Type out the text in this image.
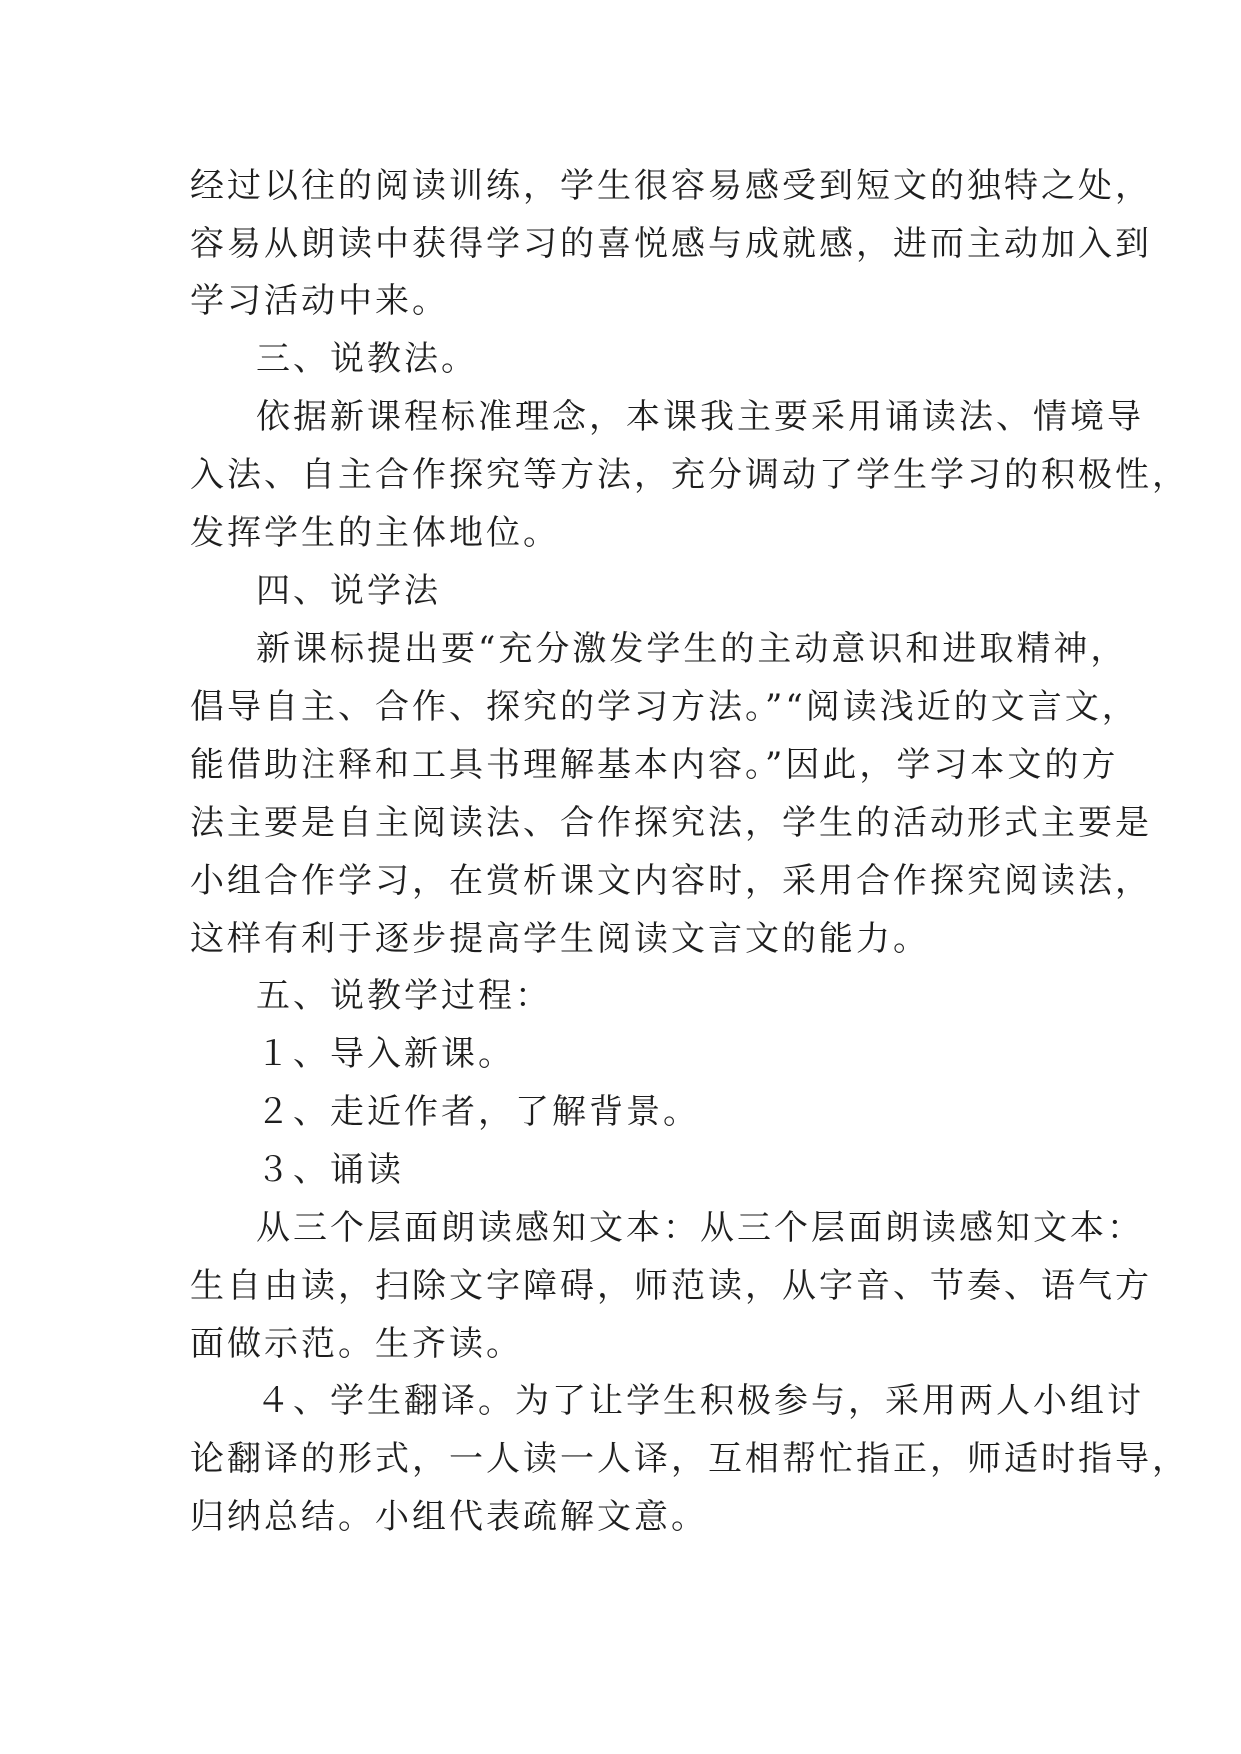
经过以往的阅读训练，学生很容易感受到短文的独特之处，
容易从朗读中获得学习的喜悦感与成就感，进而主动加入到
学习活动中来。
三、说教法。
依据新课程标准理念，本课我主要采用诵读法、情境导
入法、自主合作探究等方法，充分调动了学生学习的积极性，
发挥学生的主体地位。
四、说学法
新课标提出要“充分激发学生的主动意识和进取精神，
倡导自主、合作、探究的学习方法。”“阅读浅近的文言文，
能借助注释和工具书理解基本内容。”因此，学习本文的方
法主要是自主阅读法、合作探究法，学生的活动形式主要是
小组合作学习，在赏析课文内容时，采用合作探究阅读法，
这样有利于逐步提高学生阅读文言文的能力。
五、说教学过程：
１、导入新课。
２、走近作者，了解背景。
３、诵读
从三个层面朗读感知文本：从三个层面朗读感知文本：
生自由读，扫除文字障碍，师范读，从字音、节奏、语气方
面做示范。生齐读。
４、学生翻译。为了让学生积极参与，采用两人小组讨
论翻译的形式，一人读一人译，互相帮忙指正，师适时指导，
归纳总结。小组代表疏解文意。
